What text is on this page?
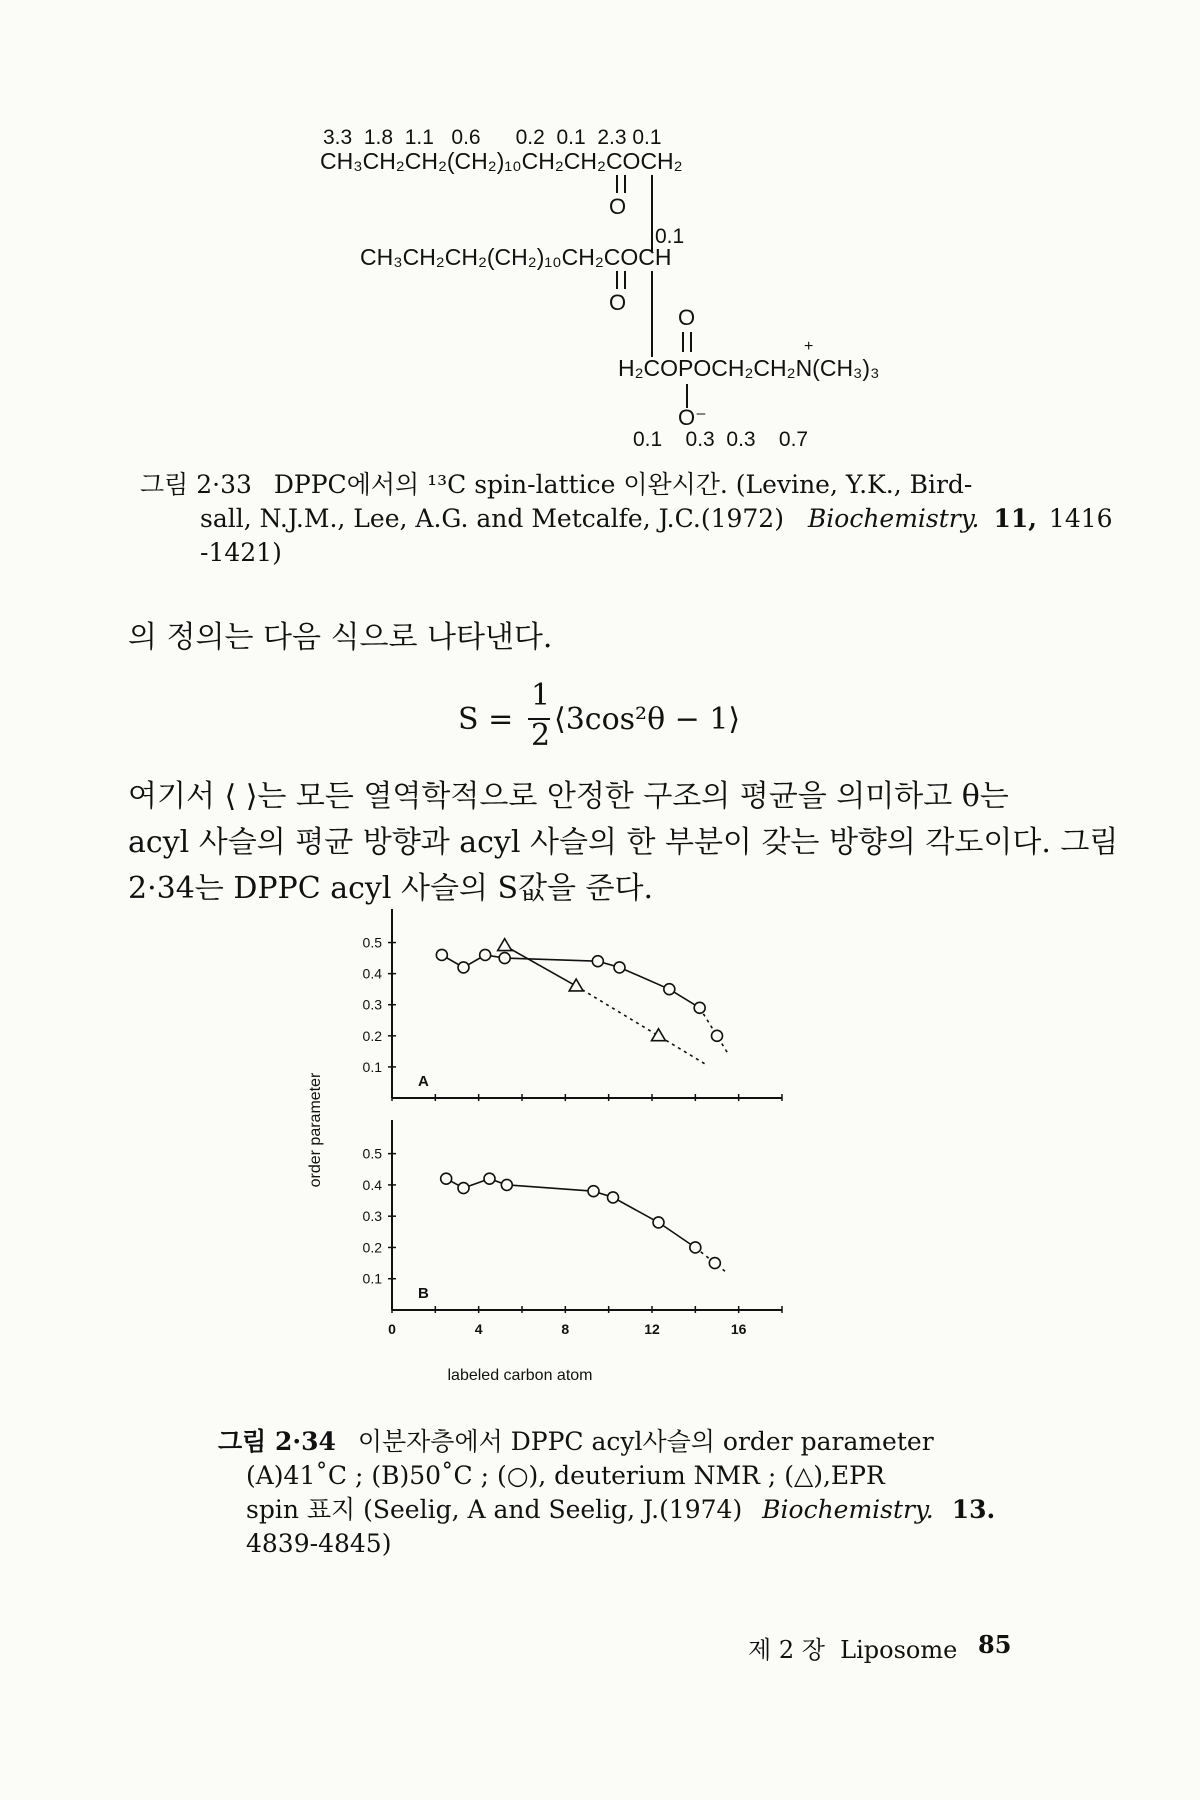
3.3  1.8  1.1   0.6      0.2  0.1  2.3 0.1
CH₃CH₂CH₂(CH₂)₁₀CH₂CH₂COCH₂
O
0.1
CH₃CH₂CH₂(CH₂)₁₀CH₂COCH
O
O
+
H₂COPOCH₂CH₂N(CH₃)₃
O⁻
0.1    0.3  0.3    0.7
그림 2·33 DPPC에서의 ¹³C spin-lattice 이완시간. (Levine, Y.K., Bird-
sall, N.J.M., Lee, A.G. and Metcalfe, J.C.(1972) Biochemistry. 11, 1416
-1421)
의 정의는 다음 식으로 나타낸다.
S =
1
2 ⟨3cos²θ − 1⟩
여기서 ⟨ ⟩는 모든 열역학적으로 안정한 구조의 평균을 의미하고 θ는
acyl 사슬의 평균 방향과 acyl 사슬의 한 부분이 갖는 방향의 각도이다. 그림
2·34는 DPPC acyl 사슬의 S값을 준다.
order parameter
labeled carbon atom
0.5
0.4
0.3
0.2
0.1
A
0.5
0.4
0.3
0.2
0.1
B
0	4	8	12	16
그림 2·34 이분자층에서 DPPC acyl사슬의 order parameter
(A)41˚C ; (B)50˚C ; (○), deuterium NMR ; (△),EPR
spin 표지 (Seelig, A and Seelig, J.(1974) Biochemistry. 13.
4839-4845)
제 2 장  Liposome 85
